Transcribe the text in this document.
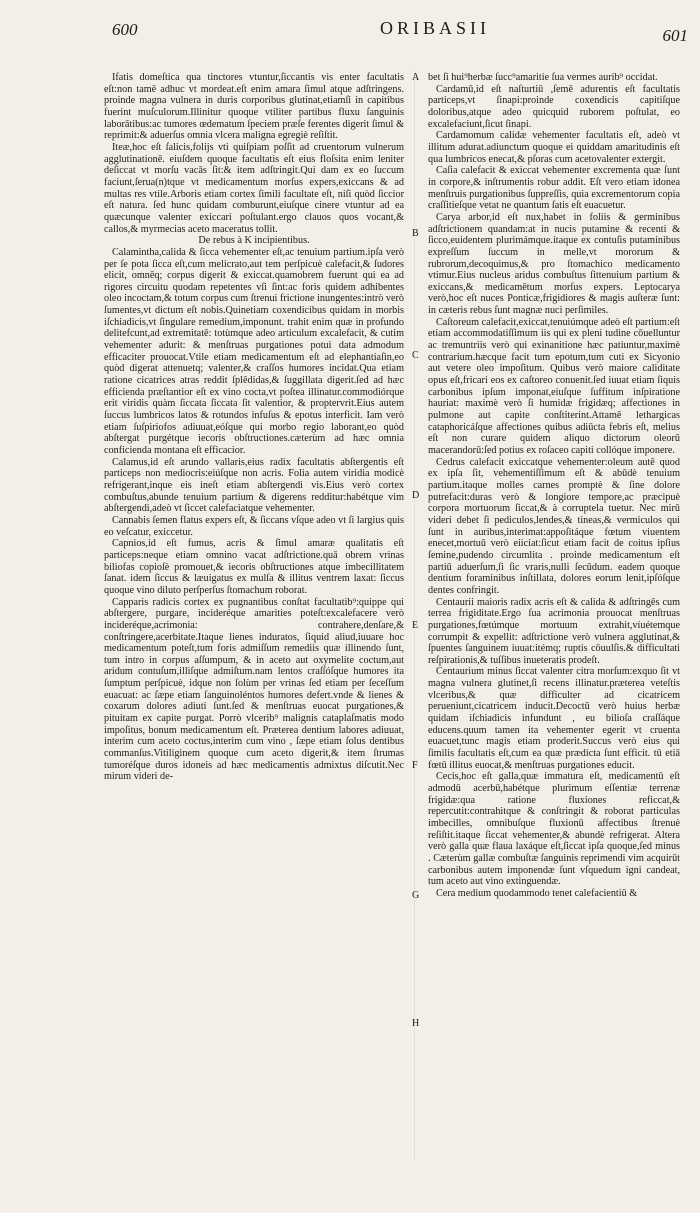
600	ORIBASII	601

Ifatis domeſtica qua tinctores vtuntur,ſiccantis vis enter facultatis eſt:non tamē adhuc vt mordeat.eſt enim amara ſimul atque adſtringens. proinde magna vulnera in duris corporibus glutinat,etiamſi in capitibus fuerint muſculorum.Illinitur quoque vtiliter partibus fluxu ſanguinis laborātibus:ac tumores œdematum ſpeciem præſe ferentes digerit ſimul & reprimit:& aduerſus omnia vlcera maligna egregiè reſiſtit.

Iteæ,hoc eſt ſalicis,folijs vti quiſpiam poſſit ad cruentorum vulnerum agglutinationē. eiuſdem quoque facultatis eſt eius floſsita enim leniter deſiccat vt morſu vacās ſit:& item adſtringit.Qui dam ex eo ſuccum faciunt,ſerua(n)tque vt medicamentum morſus expers,exiccans & ad multas res vtile.Arboris etiam cortex ſimili facultate eſt, niſi quòd ſiccior eſt natura. ſed hunc quidam comburunt,eiuſque cinere vtuntur ad ea quæcunque valenter exiccari poſtulant.ergo clauos quos vocant,& callos,& myrmecias aceto maceratus tollit.

De rebus à K incipientibus.

Calamintha,calida & ſicca vehementer eſt,ac tenuium partium.ipſa verò per ſe pota ſicca eſt,cum melicrato,aut tem perſpicuè calefacit,& ſudores elicit, omnēq; corpus digerit & exiccat.quamobrem fuerunt qui ea ad rigores circuitu quodam repetentes vſi ſint:ac foris quidem adhibentes oleo incoctam,& totum corpus cum ſtrenui frictione inungentes:intrò verò ſumentes,vt dictum eſt nobis.Quinetiam coxendicibus quidam in morbis iſchiadicis,vt ſingulare remedium,imponunt. trahit enim quæ in profundo delitefcunt,ad extremitatē: totùmque adeo articulum excalefacit, & cutim vehementer adurit: & menſtruas purgationes potui data admodum efficaciter prouocat.Vtile etiam medicamentum eſt ad elephantiaſin,eo quòd digerat attenuetq; valenter,& craſſos humores incidat.Qua etiam ratione cicatrices atras reddit ſplēdidas,& ſuggillata digerit.ſed ad hæc efficienda præſtantior eſt ex vino cocta,vt poſtea illinatur.commodiórque erit viridis quàm ſiccata ſiccata ſit valentior, & proptervrit.Eius autem ſuccus lumbricos latos & rotundos infuſus & epotus interficit. Iam verò etiam ſuſpiriofos adiuuat,eóſque qui morbo regio laborant,eo quòd abſtergat purgétque iecoris obſtructiones.cæterùm ad hæc omnia conficienda montana eſt efficacior.

Calamus,id eſt arundo vallaris,eius radix facultatis abſtergentis eſt particeps non mediocris:eiúſque non acris. Folia autem viridia modicè refrigerant,inque eis ineſt etiam abſtergendi vis.Eius verò cortex combuſtus,abunde tenuium partium & digerens redditur:habétque vim abſtergendi,adeò vt ſiccet calefaciatque vehementer.

Cannabis ſemen flatus expers eſt, & ſiccans vſque adeo vt ſi largius quis eo veſcatur, exiccetur.

Capnios,id eſt fumus, acris & ſimul amaræ qualitatis eſt particeps:neque etiam omnino vacat adſtrictione.quā obrem vrinas biliofas copioſè promouet,& iecoris obſtructiones atque imbecillitatem ſanat. idem ſiccus & læuigatus ex mulſa & illitus ventrem laxat: ſiccus quoque vino diluto perſperſus ſtomachum roborat.

Capparis radicis cortex ex pugnantibus conſtat facultatib⁹:quippe qui abſtergere, purgare, incideréque amarities poteſt:excalefacere verò incideréque,acrimonia: contrahere,denſare,& conſtringere,acerbitate.Itaque lienes induratos, ſiquid aliud,iuuare hoc medicamentum poteſt,tum foris admiſſum remediis quæ illinendo ſunt, tum intro in corpus aſſumpum, & in aceto aut oxymelite coctum,aut aridum contuſum,illiſque admiſtum.nam lentos craſſóſque humores ita ſumptum perſpicuè, idque non ſolùm per vrinas ſed etiam per ſeceſſum euacuat: ac ſæpe etiam ſanguinoléntos humores defert.vnde & lienes & coxarum dolores adiuti ſunt.ſed & menſtruas euocat purgationes,& pituitam ex capite purgat. Porrò vlcerib⁹ malignis cataplaſmatis modo impoſitus, bonum medicamentum eſt. Præterea dentium labores adiuuat, interim cum aceto coctus,interim cum vino , ſæpe etiam ſolus dentibus commanſus.Vitiliginem quoque cum aceto digerit,& item ſtrumas tumoréſque duros idoneis ad hæc medicamentis admixtus diſcutit.Nec mirum videri de-

bet ſi hui⁹herbæ ſucc⁹amaritie ſua vermes aurib⁹ occidat.

Cardamū,id eſt naſturtiū ,ſemē adurentis eſt facultatis particeps,vt ſinapi:proinde coxendicis capitiſque doloribus,atque adeo quicquid ruborem poſtulat, eo excalefaciunt,ſicut ſinapi.

Cardamomum calidæ vehementer facultatis eſt, adeò vt illitum adurat.adiunctum quoque ei quiddam amaritudinis eſt qua lumbricos enecat,& pſoras cum acetovalenter extergit.

Caſia calefacit & exiccat vehementer excrementa quæ ſunt in corpore,& inſtrumentis robur addit. Eſt vero etiam idonea menſtruis purgationibus ſuppreſſis, quia excrementorum copia craſſitieſque vetat ne quantum ſatis eſt euacuetur.

Carya arbor,id eſt nux,habet in foliis & germinibus adſtrictionem quandam:at in nucis putamine & recenti & ſicco,euidentem plurimámque.itaque ex contuſis putaminibus expreſſum ſuccum in melle,vt mororum & rubrorum,decoquimus,& pro ſtomachico medicamento vtimur.Eius nucleus aridus combuſtus ſittenuium partium & exiccans,& medicamētum morſus expers. Leptocarya verò,hoc eſt nuces Ponticæ,frigidiores & magis auſteræ ſunt: in cæteris rebus ſunt magnæ nuci perſimiles.

Caſtoreum calefacit,exiccat,tenuiúmque adeò eſt partium:eſt etiam accommodatiſſimum iis qui ex pleni tudine cōuelluntur ac tremuntriis verò qui exinanitione hæc patiuntur,maximè contrarium.hæcque facit tum epotum,tum cuti ex Sicyonio aut vetere oleo impoſitum. Quibus verò maiore caliditate opus eſt,fricari eos ex caſtoreo conuenit.ſed iuuat etiam ſiquis carbonibus ipſum imponat,eiuſque ſuffitum inſpiratione hauriat: maximè verò ſi humidæ frigidæq; affectiones in pulmone aut capite conſtiterint.Attamē lethargicas cataphoricáſque affectiones quibus adiūcta febris eſt, melius eſt non curare quidem aliquo dictorum oleorū macerandorū:ſed potius ex roſaceo capiti collóque imponere.

Cedrus calefacit exiccatque vehementer:oleum autē quod ex ipſa ſit, vehementiſſimum eſt & abūdè tenuium partium.itaque molles carnes promptè & ſine dolore putrefacit:duras verò & longiore tempore,ac præcipuè corpora mortuorum ſiccat,& à corruptela tuetur. Nec mirū videri debet ſi pediculos,lendes,& tineas,& vermiculos qui ſunt in auribus,interimat:appoſitáque fœtum viuentem enecet,mortuū verò eiiciat:ſicut etiam facit de coitus ipſius ſemine,pudendo circumlita . proinde medicamentum eſt partiū aduerſum,ſi ſic vraris,nulli ſecūdum. eadem quoque dentium foraminibus inſtillata, dolores eorum lenit,ipſóſque dentes confringit.

Centaurii maioris radix acris eſt & calida & adſtringēs cum terrea frigiditate.Ergo ſua acrimonia prouocat menſtruas purgationes,fœtúmque mortuum extrahit,víuétemque corrumpit & expellit: adſtrictione verò vulnera agglutinat,& ſpuentes ſanguinem iuuat:itémq; ruptis cōuulſis.& difficultati reſpirationis,& tuſſibus inueteratis prodeſt.

Centaurium minus ſiccat valenter citra morſum:exquo ſit vt magna vulnera glutinet,ſi recens illinatur.præterea veteſtis vlceribus,& quæ difficulter ad cicatricem perueniunt,cicatricem inducit.Decoctū verò huius herbæ quidam iſchiadicis infundunt , eu bilioſa craſſáque educens.quum tamen ita vehementer egerit vt cruenta euacuet,tunc magis etiam proderit.Succus verò eius qui ſimilis facultatis eſt,cum ea quæ prædicta ſunt efficit. tū etiā fœtū illitus euocat,& menſtruas purgationes educit.

Cecis,hoc eſt galla,quæ immatura eſt, medicamentū eſt admodū acerbū,habétque plurimum eſſentiæ terrenæ frigidæ:qua ratione fluxiones reficcat,& repercutit:contrahitque & conſtringit & roborat particulas imbecilles, omnibuſque fluxionū affectibus ſtrenuè reſiſtit.itaque ſiccat vehementer,& abundè refrigerat. Altera verò galla quæ flaua laxáque eſt,ſiccat ipſa quoque,ſed minus . Cæterùm gallæ combuſtæ ſanguinis reprimendi vim acquirūt carbonibus autem imponendæ ſunt vſquedum igni candeat, tum aceto aut vino extinguendæ.

Cera medium quodammodo tenet calefacientiū &

A
B
C
D
E
F
G
H
